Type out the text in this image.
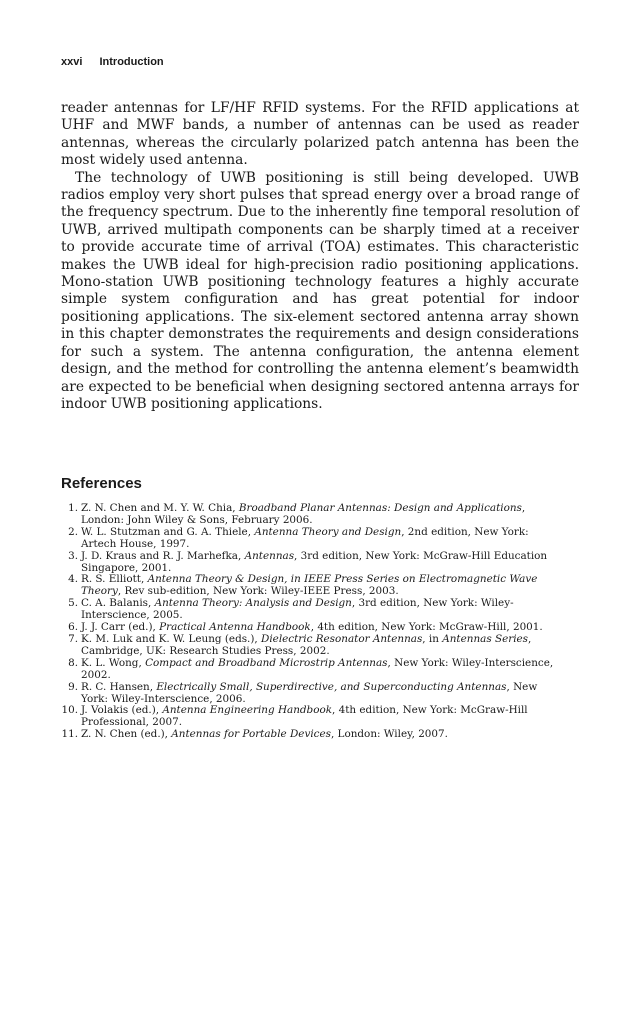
xxvi Introduction

reader antennas for LF/HF RFID systems. For the RFID applications at UHF and MWF bands, a number of antennas can be used as reader antennas, whereas the circularly polarized patch antenna has been the most widely used antenna.

The technology of UWB positioning is still being developed. UWB radios employ very short pulses that spread energy over a broad range of the frequency spectrum. Due to the inherently fine temporal resolution of UWB, arrived multipath components can be sharply timed at a receiver to provide accurate time of arrival (TOA) estimates. This characteristic makes the UWB ideal for high-precision radio positioning applications. Mono-station UWB positioning technology features a highly accurate simple system configuration and has great potential for indoor positioning applications. The six-element sectored antenna array shown in this chapter demonstrates the requirements and design considerations for such a system. The antenna configuration, the antenna element design, and the method for controlling the antenna element’s beamwidth are expected to be beneficial when designing sectored antenna arrays for indoor UWB positioning applications.

References
1. Z. N. Chen and M. Y. W. Chia, Broadband Planar Antennas: Design and Applications, London: John Wiley & Sons, February 2006.
2. W. L. Stutzman and G. A. Thiele, Antenna Theory and Design, 2nd edition, New York: Artech House, 1997.
3. J. D. Kraus and R. J. Marhefka, Antennas, 3rd edition, New York: McGraw-Hill Education Singapore, 2001.
4. R. S. Elliott, Antenna Theory & Design, in IEEE Press Series on Electromagnetic Wave Theory, Rev sub-edition, New York: Wiley-IEEE Press, 2003.
5. C. A. Balanis, Antenna Theory: Analysis and Design, 3rd edition, New York: Wiley-Interscience, 2005.
6. J. J. Carr (ed.), Practical Antenna Handbook, 4th edition, New York: McGraw-Hill, 2001.
7. K. M. Luk and K. W. Leung (eds.), Dielectric Resonator Antennas, in Antennas Series, Cambridge, UK: Research Studies Press, 2002.
8. K. L. Wong, Compact and Broadband Microstrip Antennas, New York: Wiley-Interscience, 2002.
9. R. C. Hansen, Electrically Small, Superdirective, and Superconducting Antennas, New York: Wiley-Interscience, 2006.
10. J. Volakis (ed.), Antenna Engineering Handbook, 4th edition, New York: McGraw-Hill Professional, 2007.
11. Z. N. Chen (ed.), Antennas for Portable Devices, London: Wiley, 2007.
